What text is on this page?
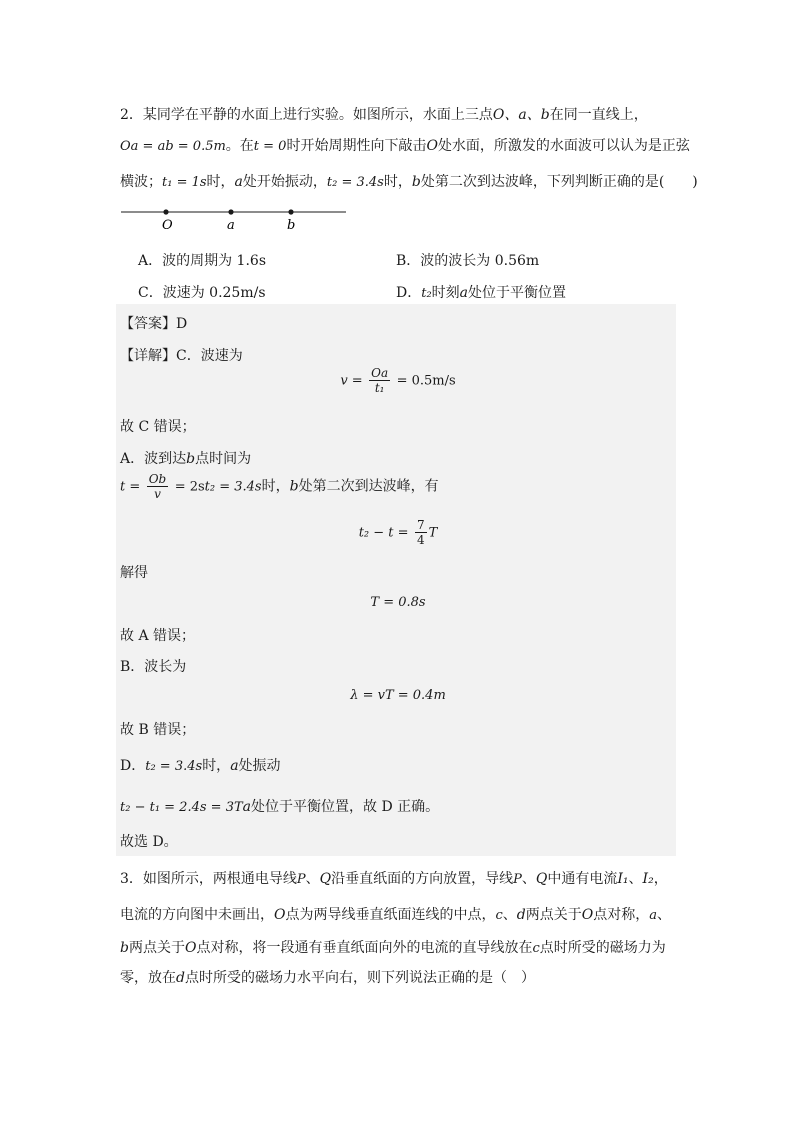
2．某同学在平静的水面上进行实验。如图所示，水面上三点O、a、b在同一直线上，
Oa = ab = 0.5m。在t = 0时开始周期性向下敲击O处水面，所激发的水面波可以认为是正弦
横波；t₁ = 1s时，a处开始振动，t₂ = 3.4s时，b处第二次到达波峰，下列判断正确的是(　　)
O	a	b
A．波的周期为 1.6s	B．波的波长为 0.56m
C．波速为 0.25m/s	D．t₂时刻a处位于平衡位置
【答案】D
【详解】C．波速为
$v = \frac{Oa}{\text{t₁}} = 0.5m/s$
故 C 错误；
A．波到达b点时间为
$t = \frac{Ob}{v} = 2st_2 = 3.4s$时，b处第二次到达波峰，有
$t_2 - t = \frac{7}{4}$ T
解得
T = 0.8s
故 A 错误；
B．波长为
λ = vT = 0.4m
故 B 错误；
D．t₂ = 3.4s时，a处振动
t₂ − t₁ = 2.4s = 3Ta处位于平衡位置，故 D 正确。
故选 D。
3．如图所示，两根通电导线P、Q沿垂直纸面的方向放置，导线P、Q中通有电流I₁、I₂，
电流的方向图中未画出，O点为两导线垂直纸面连线的中点，c、d两点关于O点对称，a、
b两点关于O点对称，将一段通有垂直纸面向外的电流的直导线放在c点时所受的磁场力为
零，放在d点时所受的磁场力水平向右，则下列说法正确的是（　）
